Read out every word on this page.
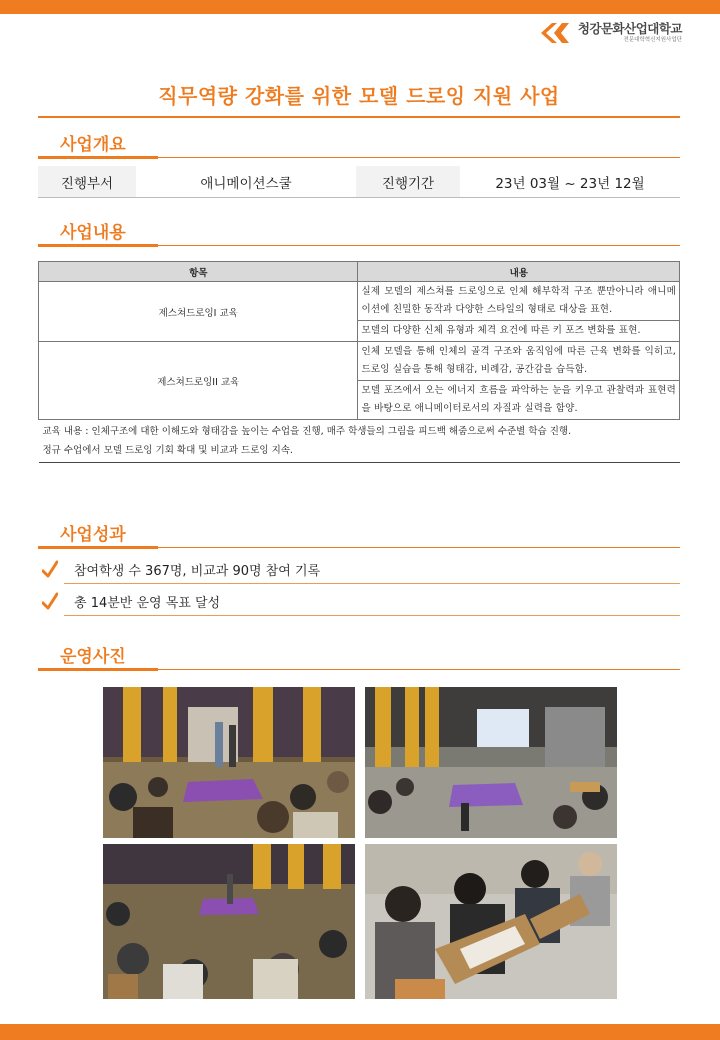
청강문화산업대학교
전문대학혁신지원사업단
직무역량 강화를 위한 모델 드로잉 지원 사업
사업개요
진행부서	애니메이션스쿨	진행기간	23년 03월 ~ 23년 12월
사업내용
항목	내용
제스쳐드로잉I 교육	실제 모델의 제스쳐를 드로잉으로 인체 해부학적 구조 뿐만아니라 애니메이션에 친밀한 동작과 다양한 스타일의 형태로 대상을 표현.
	모델의 다양한 신체 유형과 체격 요건에 따른 키 포즈 변화를 표현.
제스쳐드로잉II 교육	인체 모델을 통해 인체의 골격 구조와 움직임에 따른 근육 변화를 익히고, 드로잉 실습을 통해 형태감, 비례감, 공간감을 습득함.
	모델 포즈에서 오는 에너지 흐름을 파악하는 눈을 키우고 관찰력과 표현력을 바탕으로 애니메이터로서의 자질과 실력을 함양.

교육 내용 : 인체구조에 대한 이해도와 형태감을 높이는 수업을 진행, 매주 학생들의 그림을 피드백 해줌으로써 수준별 학습 진행.
정규 수업에서 모델 드로잉 기회 확대 및 비교과 드로잉 지속.	
사업성과
참여학생 수 367명, 비교과 90명 참여 기록
총 14분반 운영 목표 달성
운영사진
